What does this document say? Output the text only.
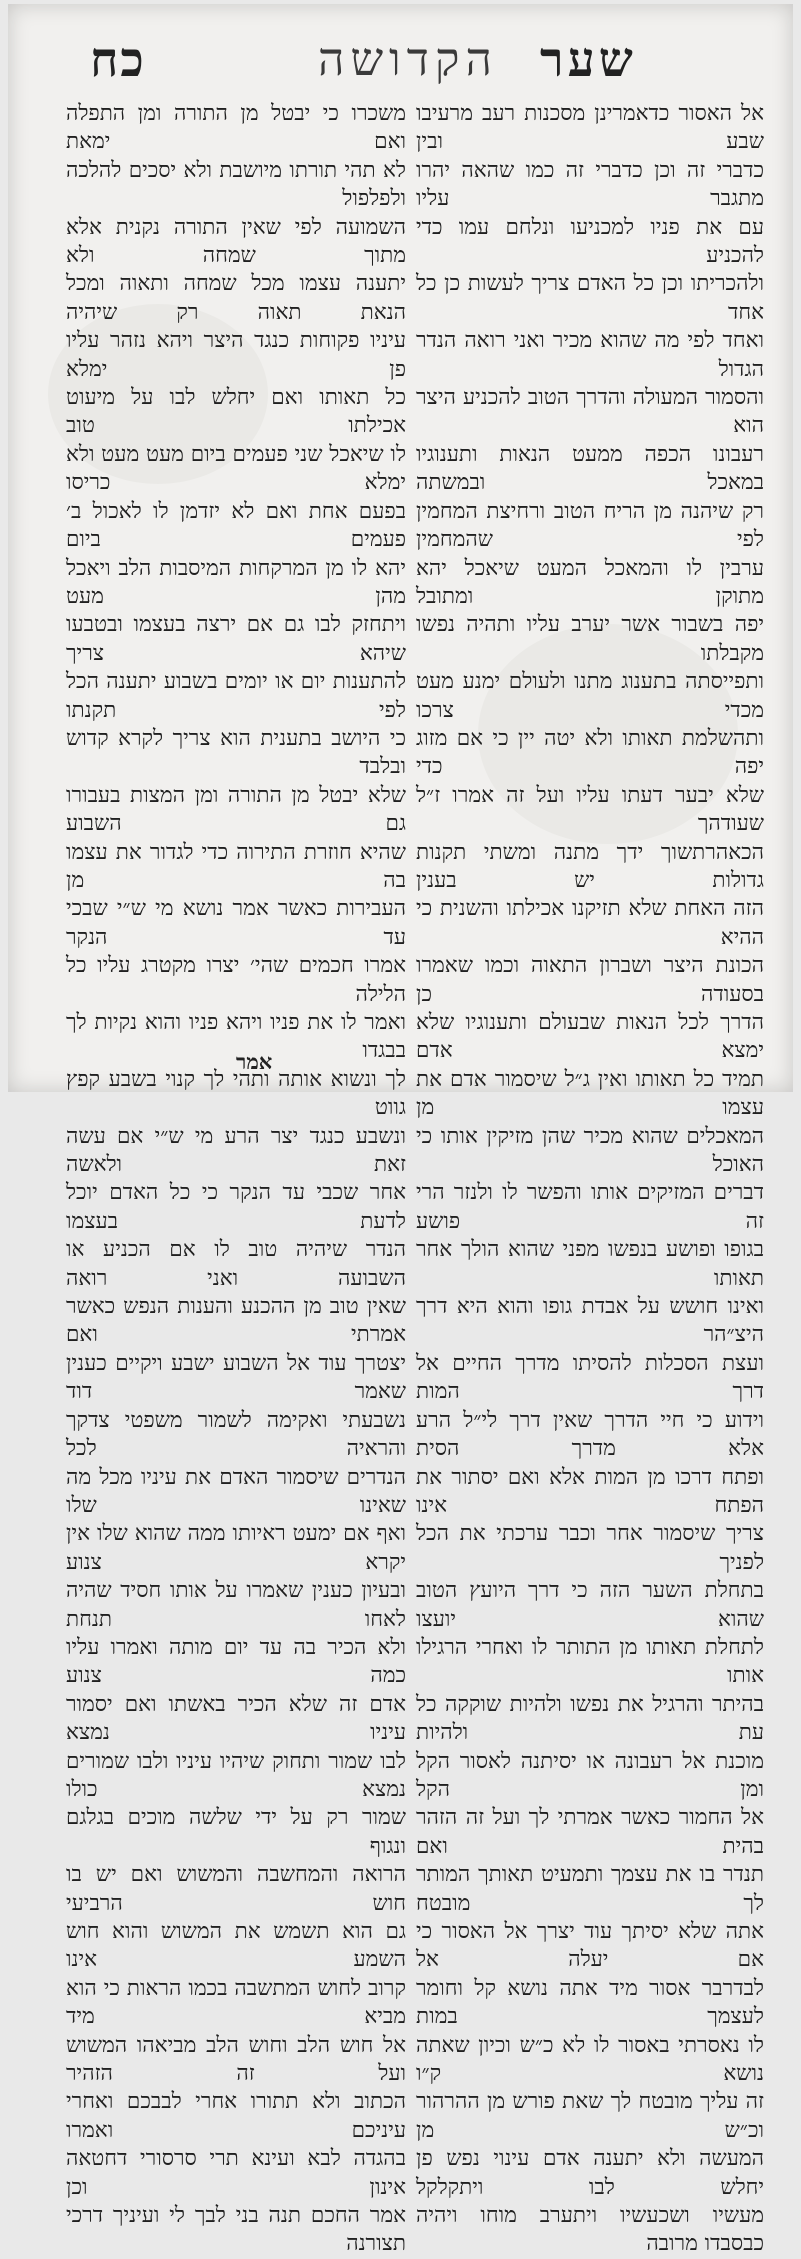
כח	הקדושה שער

אל האסור כדאמרינן מסכנות רעב מרעיבו שבע ובין

כדברי זה וכן כדברי זה כמו שהאה יהרו מתגבר עליו

עם את פניו למכניעו ונלחם עמו כדי להכניע

ולהכריתו וכן כל האדם צריך לעשות כן כל אחד

ואחד לפי מה שהוא מכיר ואני רואה הנדר הגדול

והסמור המעולה והדרך הטוב להכניע היצר הוא

רעבונו הכפה ממעט הנאות ותענוגיו במאכל ובמשתה

רק שיהנה מן הריח הטוב ורחיצת המחמין לפי שהמחמין

ערבין לו והמאכל המעט שיאכל יהא מתוקן ומתובל

יפה בשבור אשר יערב עליו ותהיה נפשו מקבלתו

ותפייסתה בתענוג מתנו ולעולם ימנע מעט מכדי צרכו

ותהשלמת תאותו ולא יטה יין כי אם מזוג יפה כדי

שלא יבער דעתו עליו ועל זה אמרו ז״ל שעודהך

הכאהרתשוך ידך מתנה ומשתי תקנות גדולות יש בענין

הזה האחת שלא תזיקנו אכילתו והשנית כי ההיא

הכונת היצר ושברון התאוה וכמו שאמרו בסעודה כן

הדרך לכל הנאות שבעולם ותענוגיו שלא ימצא אדם

תמיד כל תאותו ואין ג״ל שיסמור אדם את עצמו מן

המאכלים שהוא מכיר שהן מזיקין אותו כי האוכל

דברים המזיקים אותו והפשר לו ולנזר הרי זה פושע

בגופו ופושע בנפשו מפני שהוא הולך אחר תאותו

ואינו חושש על אבדת גופו והוא היא דרך היצ״הר

ועצת הסכלות להסיתו מדרך החיים אל דרך המות

וידוע כי חיי הדרך שאין דרך לי״ל הרע אלא מדרך הסית

ופתח דרכו מן המות אלא ואם יסתור את הפתח אינו

צריך שיסמור אחר וכבר ערכתי את הכל לפניך

בתחלת השער הזה כי דרך היועץ הטוב שהוא יועצו

לתחלת תאותו מן התותר לו ואחרי הרגילו אותו

בהיתר והרגיל את נפשו ולהיות שוקקה כל עת ולהיות

מוכנת אל רעבונה או יסיתנה לאסור הקל ומן הקל

אל החמור כאשר אמרתי לך ועל זה הזהר בהית ואם

תנדר בו את עצמך ותמעיט תאותך המותר לך מובטח

אתה שלא יסיתך עוד יצרך אל האסור כי אם יעלה אל

לבדרבר אסור מיד אתה נושא קל וחומר לעצמך במות

לו נאסרתי באסור לו לא כ״ש וכיון שאתה נושא ק״ו

זה עליך מובטח לך שאת פורש מן ההרהור וכ״ש מן

המעשה ולא יתענה אדם עינוי נפש פן יחלש לבו ויתקלקל

מעשיו ושכעשיו ויתערב מוחו ויהיה כבסבדו מרובה

משכרו כי יבטל מן התורה ומן התפלה ואם ימאת

לא תהי תורתו מיושבת ולא יסכים להלכה ולפלפול

השמועה לפי שאין התורה נקנית אלא מתוך שמחה ולא

יתענה עצמו מכל שמחה ותאוה ומכל הנאת תאוה רק שיהיה

עיניו פקוחות כנגד היצר ויהא נזהר עליו פן ימלא

כל תאותו ואם יחלש לבו על מיעוט אכילתו טוב

לו שיאכל שני פעמים ביום מעט מעט ולא ימלא כריסו

בפעם אחת ואם לא יזדמן לו לאכול ב׳ פעמים ביום

יהא לו מן המרקחות המיסבות הלב ויאכל מהן מעט

ויתחזק לבו גם אם ירצה בעצמו ובטבעו שיהא צריך

להתענות יום או יומים בשבוע יתענה הכל לפי תקנתו

כי היושב בתענית הוא צריך לקרא קדוש ובלבד

שלא יבטל מן התורה ומן המצות בעבורו גם השבוע

שהיא חוזרת התירוה כדי לגדור את עצמו בה מן

העבירות כאשר אמר נושא מי ש״י שבכי עד הנקר

אמרו חכמים שהי׳ יצרו מקטרג עליו כל הלילה

ואמר לו את פניו ויהא פניו והוא נקיות לך בבגדו

לך ונשוא אותה ותהי לך קנוי בשבע קפץ גווט

ונשבע כנגד יצר הרע מי ש״י אם עשה זאת ולאשה

אחר שכבי עד הנקר כי כל האדם יוכל לדעת בעצמו

הנדר שיהיה טוב לו אם הכניע או השבועה ואני רואה

שאין טוב מן ההכנע והענות הנפש כאשר אמרתי ואם

יצטרך עוד אל השבוע ישבע ויקיים כענין שאמר דוד

נשבעתי ואקימה לשמור משפטי צדקך והראיה לכל

הנדרים שיסמור האדם את עיניו מכל מה שאינו שלו

ואף אם ימעט ראיותו ממה שהוא שלו אין יקרא צנוע

ובעיון כענין שאמרו על אותו חסיד שהיה לאחו תנחת

ולא הכיר בה עד יום מותה ואמרו עליו כמה צנוע

אדם זה שלא הכיר באשתו ואם יסמור עיניו נמצא

לבו שמור ותחוק שיהיו עיניו ולבו שמורים נמצא כולו

שמור רק על ידי שלשה מוכים בגלגם ונגוף

הרואה והמחשבה והמשוש ואם יש בו חוש הרביעי

גם הוא תשמש את המשוש והוא חוש השמע אינו

קרוב לחוש המתשבה בכמו הראות כי הוא מביא מיד

אל חוש הלב וחוש הלב מביאהו המשוש ועל זה הזהיר

הכתוב ולא תתורו אחרי לבבכם ואחרי עיניכם ואמרו

בהגדה לבא ועינא תרי סרסורי דחטאה אינון וכן

אמר החכם תנה בני לבך לי ועיניך דרכי תצורנה

אמר
